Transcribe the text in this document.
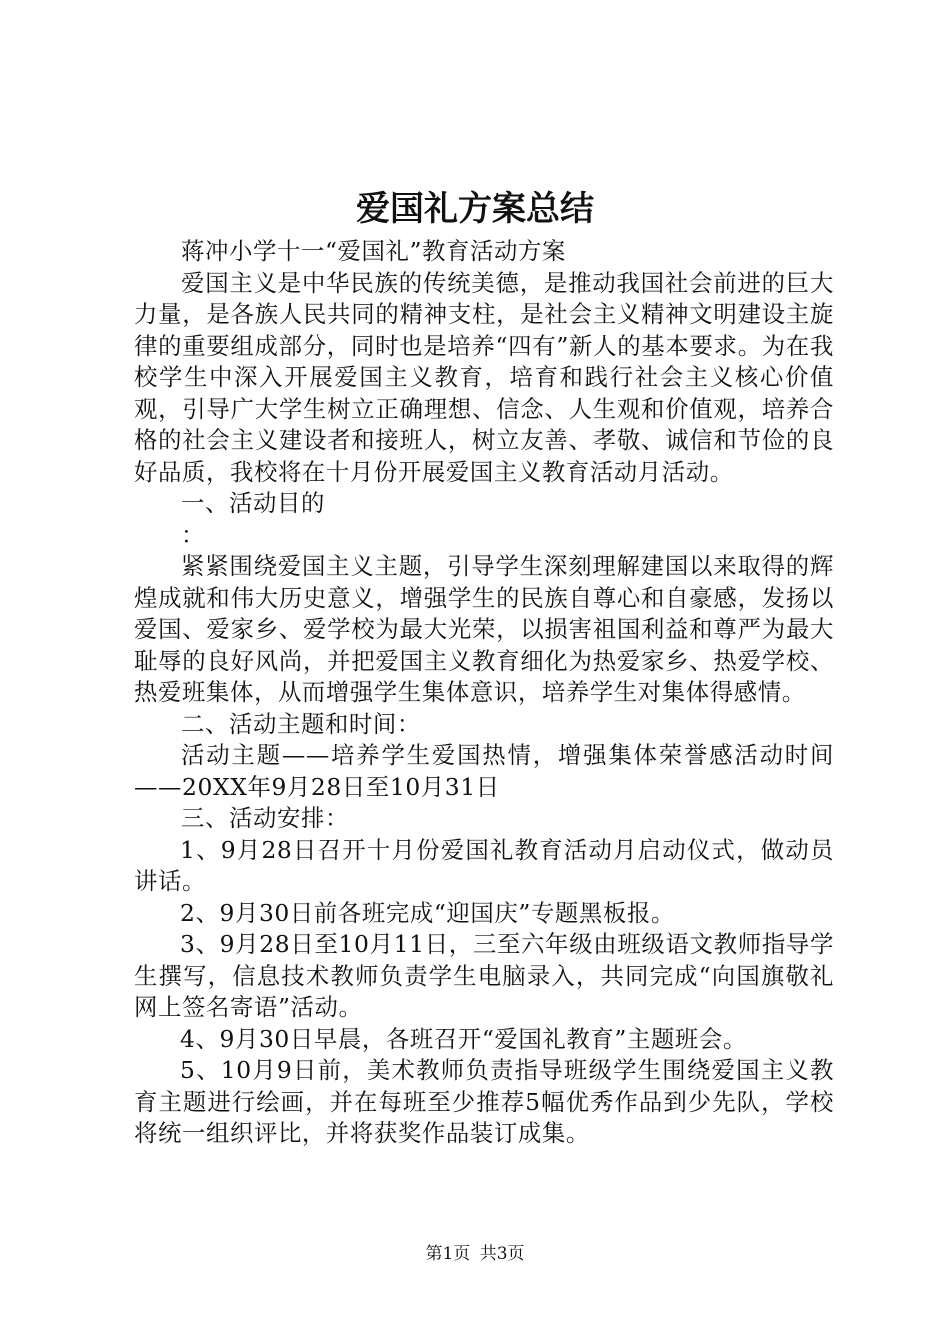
爱国礼方案总结

蒋冲小学十一“爱国礼”教育活动方案

爱国主义是中华民族的传统美德，是推动我国社会前进的巨大力量，是各族人民共同的精神支柱，是社会主义精神文明建设主旋律的重要组成部分，同时也是培养“四有”新人的基本要求。为在我校学生中深入开展爱国主义教育，培育和践行社会主义核心价值观，引导广大学生树立正确理想、信念、人生观和价值观，培养合格的社会主义建设者和接班人，树立友善、孝敬、诚信和节俭的良好品质，我校将在十月份开展爱国主义教育活动月活动。

一、活动目的

：

紧紧围绕爱国主义主题，引导学生深刻理解建国以来取得的辉煌成就和伟大历史意义，增强学生的民族自尊心和自豪感，发扬以爱国、爱家乡、爱学校为最大光荣，以损害祖国利益和尊严为最大耻辱的良好风尚，并把爱国主义教育细化为热爱家乡、热爱学校、热爱班集体，从而增强学生集体意识，培养学生对集体得感情。

二、活动主题和时间：

活动主题——培养学生爱国热情，增强集体荣誉感活动时间——20XX年9月28日至10月31日

三、活动安排：

1、9月28日召开十月份爱国礼教育活动月启动仪式，做动员讲话。

2、9月30日前各班完成“迎国庆”专题黑板报。

3、9月28日至10月11日，三至六年级由班级语文教师指导学生撰写，信息技术教师负责学生电脑录入，共同完成“向国旗敬礼网上签名寄语”活动。

4、9月30日早晨，各班召开“爱国礼教育”主题班会。

5、10月9日前，美术教师负责指导班级学生围绕爱国主义教育主题进行绘画，并在每班至少推荐5幅优秀作品到少先队，学校将统一组织评比，并将获奖作品装订成集。

第1页 共3页
